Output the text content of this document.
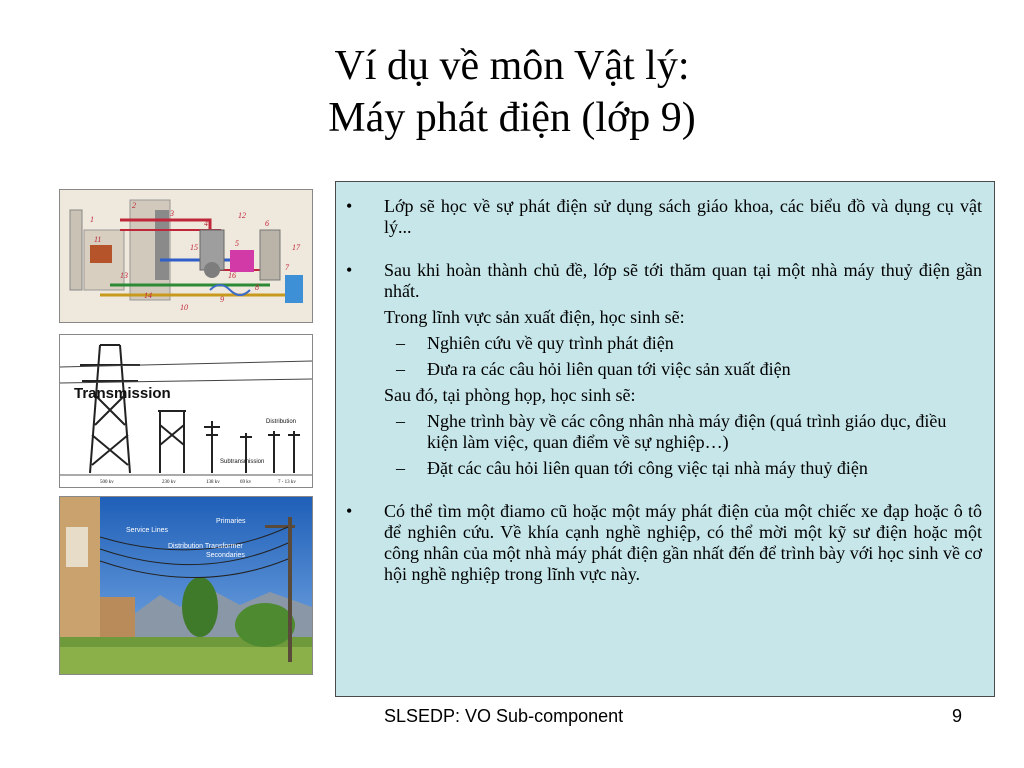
Ví dụ về môn Vật lý:
Máy phát điện (lớp 9)
1
2
3
4
5
6
7
8
9
10
11
12
13
14
15
16
17
Transmission
Distribution
Subtransmission
500 kv	230 kv	138 kv	69 kv	7 - 13 kv
Primaries
Service Lines
Distribution Transformer
Secondaries
• Lớp sẽ học về sự phát điện sử dụng sách giáo khoa, các biểu đồ và dụng cụ vật lý...
• Sau khi hoàn thành chủ đề, lớp sẽ tới thăm quan tại một nhà máy thuỷ điện gần nhất.
Trong lĩnh vực sản xuất điện, học sinh sẽ:
– Nghiên cứu về quy trình phát điện
– Đưa ra các câu hỏi liên quan tới việc sản xuất điện
Sau đó, tại phòng họp, học sinh sẽ:
– Nghe trình bày về các công nhân nhà máy điện (quá trình giáo dục, điều kiện làm việc, quan điểm về sự nghiệp…)
– Đặt các câu hỏi liên quan tới công việc tại nhà máy thuỷ điện
• Có thể tìm một điamo cũ hoặc một máy phát điện của một chiếc xe đạp hoặc ô tô để nghiên cứu. Về khía cạnh nghề nghiệp, có thể mời một kỹ sư điện hoặc một công nhân của một nhà máy phát điện gần nhất đến để trình bày với học sinh về cơ hội nghề nghiệp trong lĩnh vực này.
SLSEDP: VO Sub-component	9
